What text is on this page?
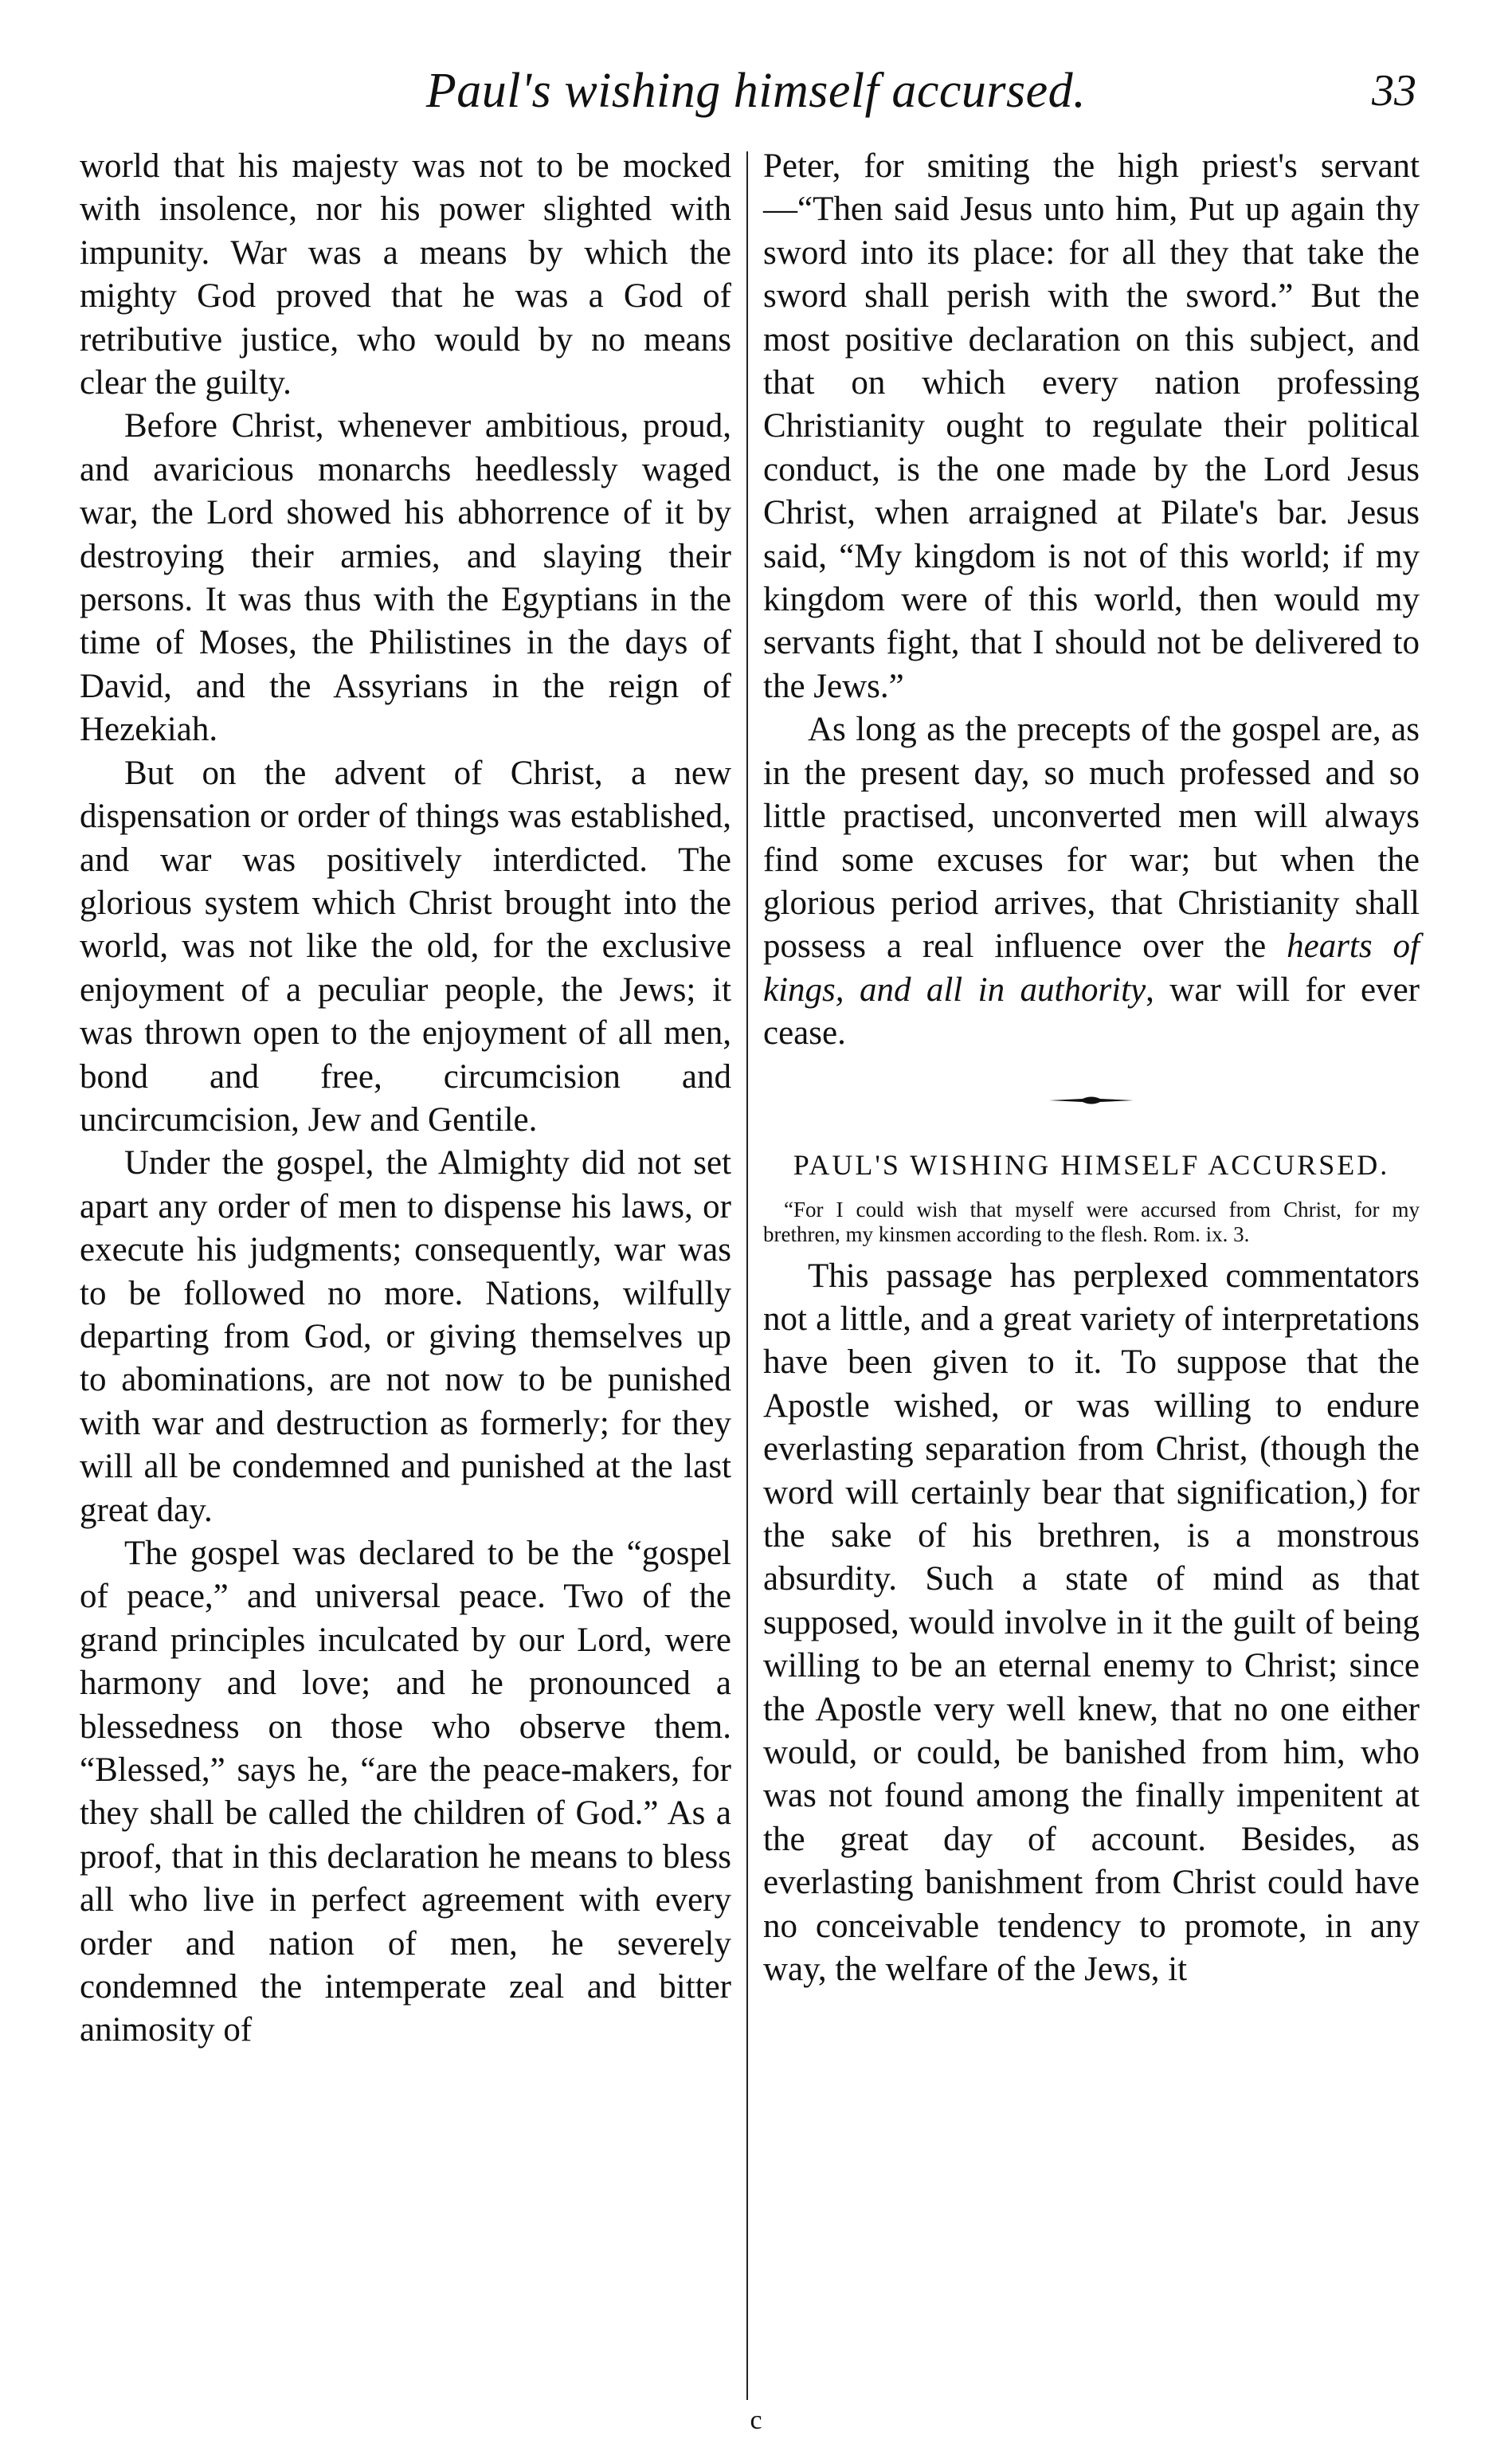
Paul's wishing himself accursed.	33

world that his majesty was not to be mocked with insolence, nor his power slighted with impunity. War was a means by which the mighty God proved that he was a God of retributive justice, who would by no means clear the guilty.

Before Christ, whenever ambitious, proud, and avaricious monarchs heedlessly waged war, the Lord showed his abhorrence of it by destroying their armies, and slaying their persons. It was thus with the Egyptians in the time of Moses, the Philistines in the days of David, and the Assyrians in the reign of Hezekiah.

But on the advent of Christ, a new dispensation or order of things was established, and war was positively interdicted. The glorious system which Christ brought into the world, was not like the old, for the exclusive enjoyment of a peculiar people, the Jews; it was thrown open to the enjoyment of all men, bond and free, circumcision and uncircumcision, Jew and Gentile.

Under the gospel, the Almighty did not set apart any order of men to dispense his laws, or execute his judgments; consequently, war was to be followed no more. Nations, wilfully departing from God, or giving themselves up to abominations, are not now to be punished with war and destruction as formerly; for they will all be condemned and punished at the last great day.

The gospel was declared to be the “gospel of peace,” and universal peace. Two of the grand principles inculcated by our Lord, were harmony and love; and he pronounced a blessedness on those who observe them. “Blessed,” says he, “are the peace-makers, for they shall be called the children of God.” As a proof, that in this declaration he means to bless all who live in perfect agreement with every order and nation of men, he severely condemned the intemperate zeal and bitter animosity of

Peter, for smiting the high priest's servant—“Then said Jesus unto him, Put up again thy sword into its place: for all they that take the sword shall perish with the sword.” But the most positive declaration on this subject, and that on which every nation professing Christianity ought to regulate their political conduct, is the one made by the Lord Jesus Christ, when arraigned at Pilate's bar. Jesus said, “My kingdom is not of this world; if my kingdom were of this world, then would my servants fight, that I should not be delivered to the Jews.”

As long as the precepts of the gospel are, as in the present day, so much professed and so little practised, unconverted men will always find some excuses for war; but when the glorious period arrives, that Christianity shall possess a real influence over the hearts of kings, and all in authority, war will for ever cease.

PAUL'S WISHING HIMSELF ACCURSED.

“For I could wish that myself were accursed from Christ, for my brethren, my kinsmen according to the flesh. Rom. ix. 3.

This passage has perplexed commentators not a little, and a great variety of interpretations have been given to it. To suppose that the Apostle wished, or was willing to endure everlasting separation from Christ, (though the word will certainly bear that signification,) for the sake of his brethren, is a monstrous absurdity. Such a state of mind as that supposed, would involve in it the guilt of being willing to be an eternal enemy to Christ; since the Apostle very well knew, that no one either would, or could, be banished from him, who was not found among the finally impenitent at the great day of account. Besides, as everlasting banishment from Christ could have no conceivable tendency to promote, in any way, the welfare of the Jews, it

c
